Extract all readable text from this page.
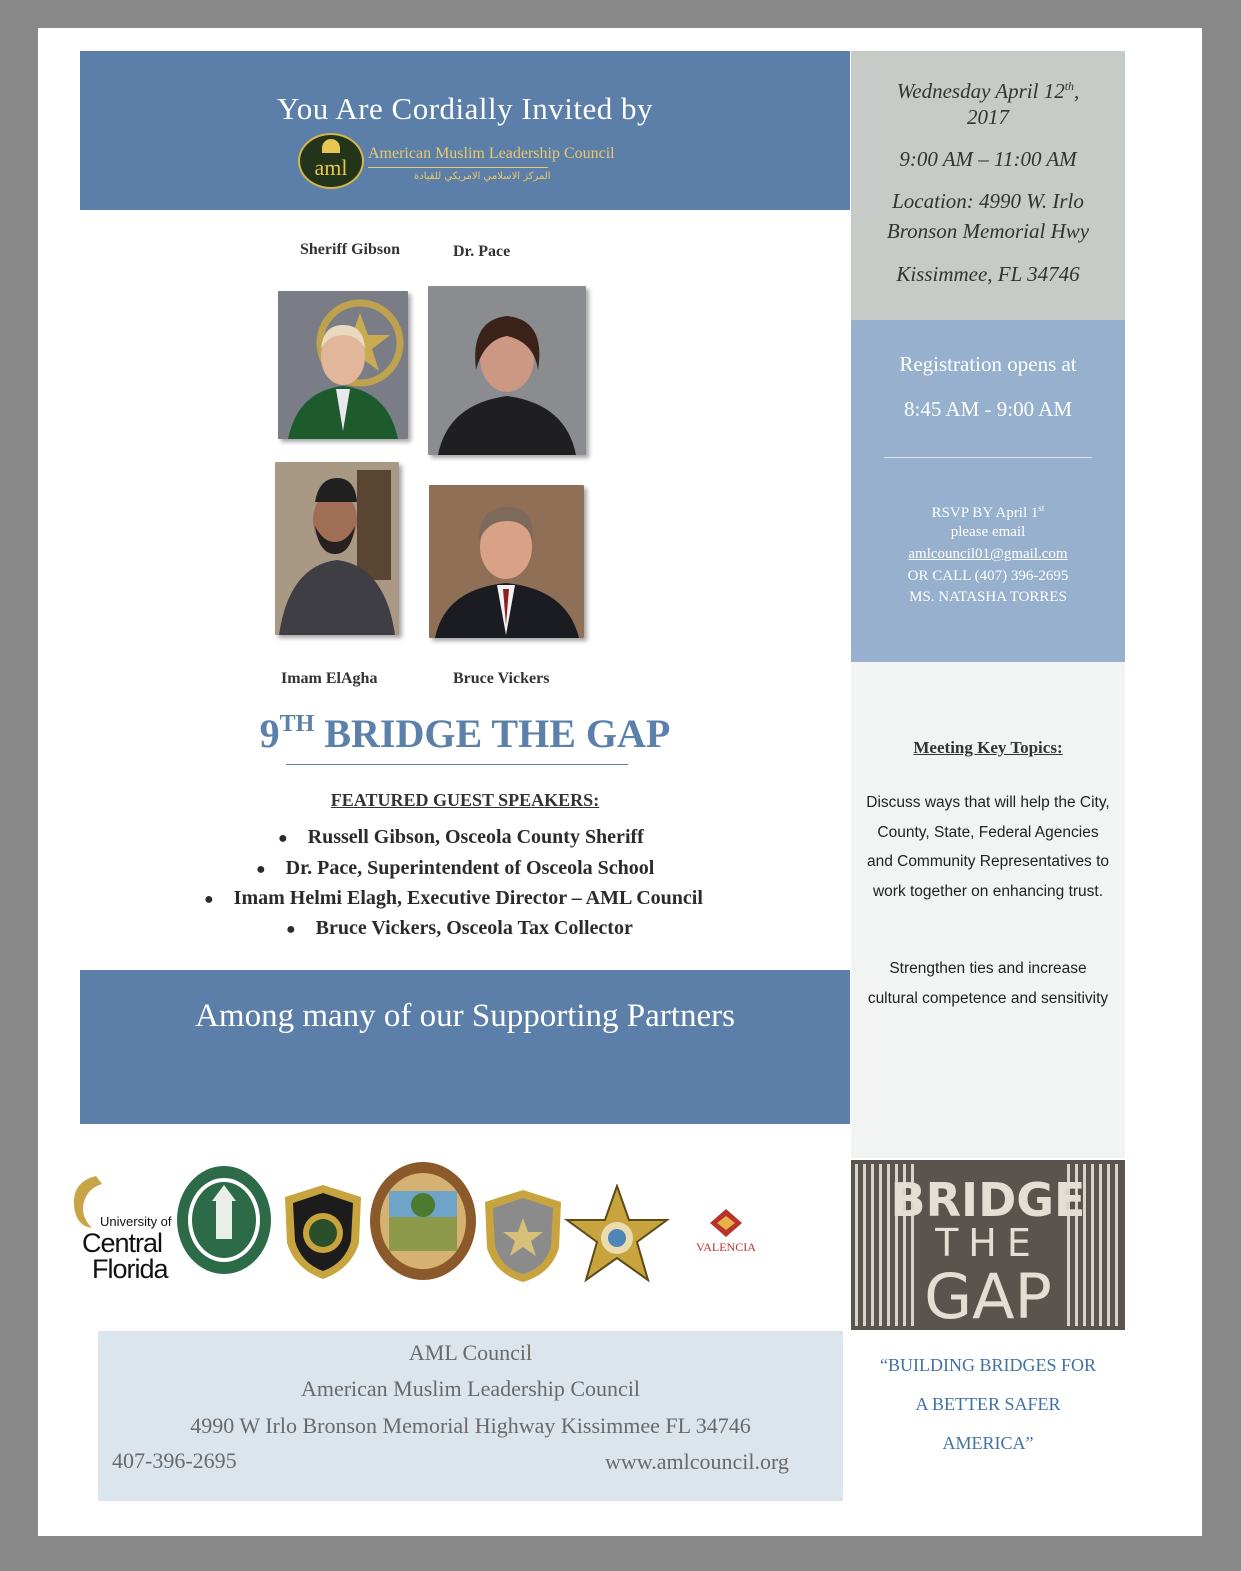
You Are Cordially Invited by
aml
American Muslim Leadership Council
المركز الاسلامي الامريكي للقيادة
Wednesday April 12th,
2017
9:00 AM – 11:00 AM
Location: 4990 W. Irlo
Bronson Memorial Hwy
Kissimmee, FL 34746
Registration opens at
8:45 AM - 9:00 AM
RSVP BY April 1st
please email
amlcouncil01@gmail.com
OR CALL (407) 396-2695
MS. NATASHA TORRES
Meeting Key Topics:
Discuss ways that will help the City, County, State, Federal Agencies and Community Representatives to work together on enhancing trust.
Strengthen ties and increase cultural competence and sensitivity
BRIDGE
THE
GAP
“BUILDING BRIDGES FOR
A BETTER SAFER
AMERICA”
Sheriff Gibson	Dr. Pace
Imam ElAgha	Bruce Vickers
9TH BRIDGE THE GAP
FEATURED GUEST SPEAKERS:
●     Russell Gibson, Osceola County Sheriff
●     Dr. Pace, Superintendent of Osceola School
●     Imam Helmi Elagh, Executive Director – AML Council
●     Bruce Vickers, Osceola Tax Collector
Among many of our Supporting Partners
University of
Central
Florida
VALENCIA
AML Council
American Muslim Leadership Council
4990 W Irlo Bronson Memorial Highway Kissimmee FL 34746
407-396-2695	www.amlcouncil.org
